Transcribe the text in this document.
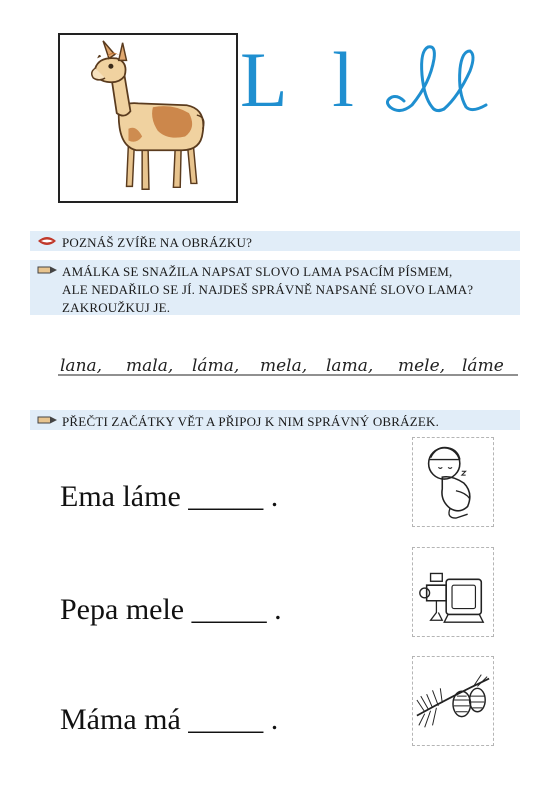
L l
POZNÁŠ ZVÍŘE NA OBRÁZKU?
AMÁLKA SE SNAŽILA NAPSAT SLOVO LAMA PSACÍM PÍSMEM,
ALE NEDAŘILO SE JÍ. NAJDEŠ SPRÁVNĚ NAPSANÉ SLOVO LAMA?
ZAKROUŽKUJ JE.
lana, mala, láma, mela, lama, mele, láme
PŘEČTI ZAČÁTKY VĚT A PŘIPOJ K NIM SPRÁVNÝ OBRÁZEK.
Ema láme _____ .
Pepa mele _____ .
Máma má _____ .
